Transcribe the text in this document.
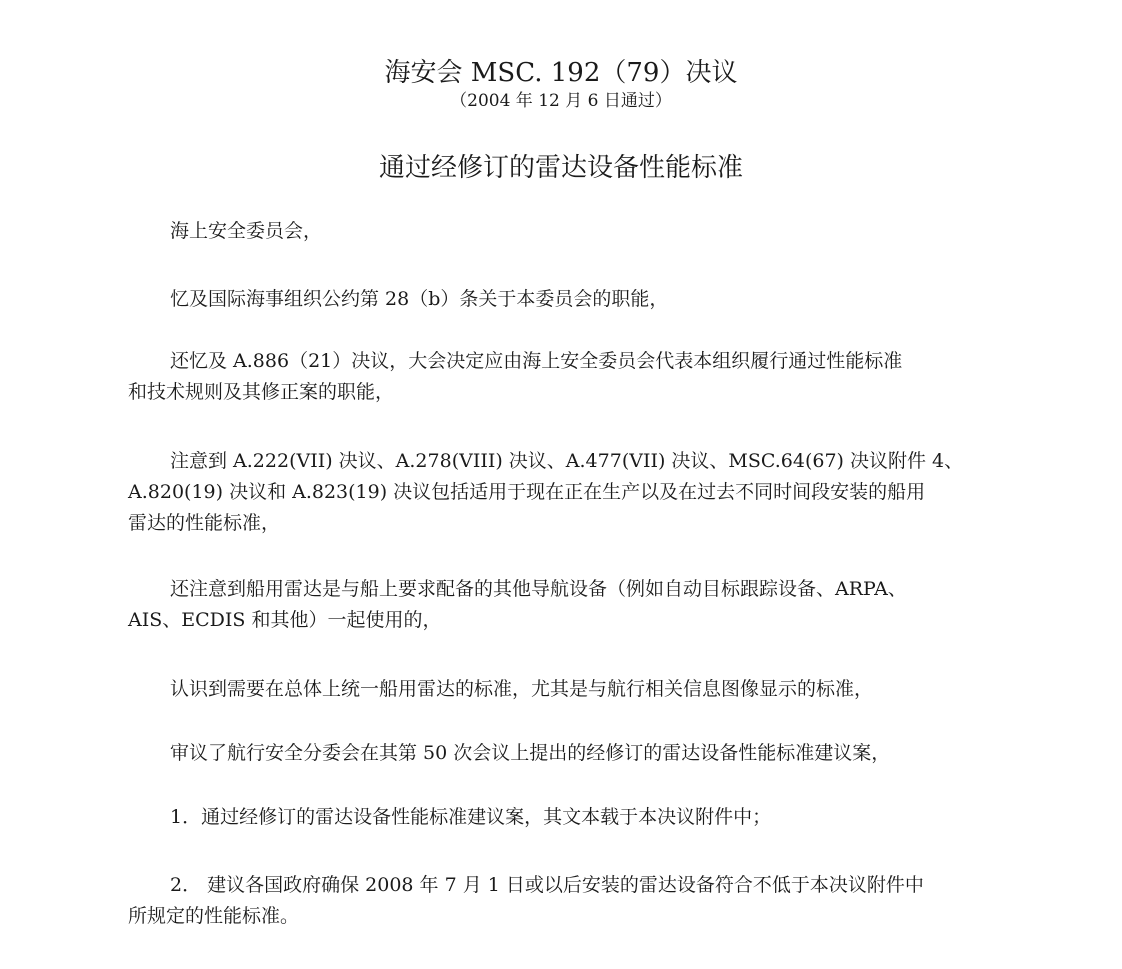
海安会 MSC. 192（79）决议
（2004 年 12 月 6 日通过）
通过经修订的雷达设备性能标准

海上安全委员会，

忆及国际海事组织公约第 28（b）条关于本委员会的职能，

还忆及 A.886（21）决议，大会决定应由海上安全委员会代表本组织履行通过性能标准
和技术规则及其修正案的职能，

注意到 A.222(VII) 决议、A.278(VIII) 决议、A.477(VII) 决议、MSC.64(67) 决议附件 4、
A.820(19) 决议和 A.823(19) 决议包括适用于现在正在生产以及在过去不同时间段安装的船用
雷达的性能标准，

还注意到船用雷达是与船上要求配备的其他导航设备（例如自动目标跟踪设备、ARPA、
AIS、ECDIS 和其他）一起使用的，

认识到需要在总体上统一船用雷达的标准，尤其是与航行相关信息图像显示的标准，

审议了航行安全分委会在其第 50 次会议上提出的经修订的雷达设备性能标准建议案，

1．通过经修订的雷达设备性能标准建议案，其文本载于本决议附件中；

2． 建议各国政府确保 2008 年 7 月 1 日或以后安装的雷达设备符合不低于本决议附件中
所规定的性能标准。
